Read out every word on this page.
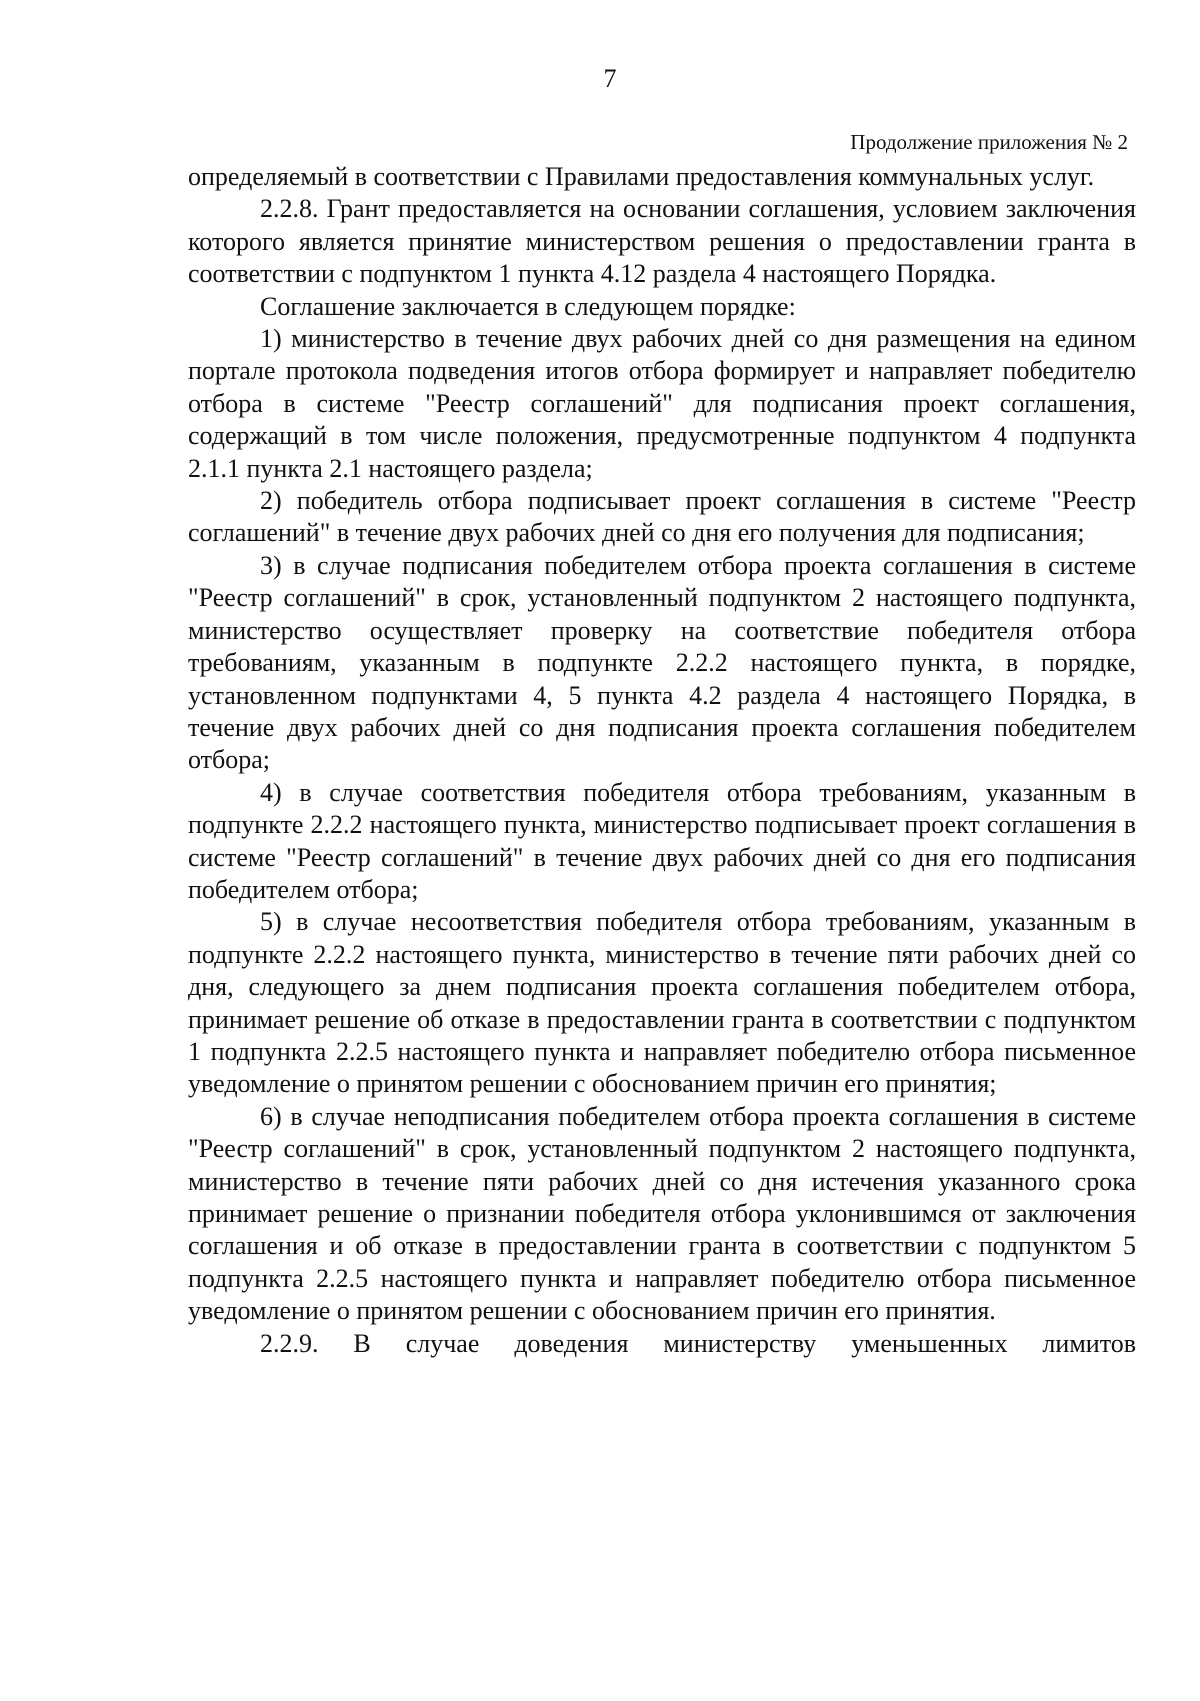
7
Продолжение приложения № 2

определяемый в соответствии с Правилами предоставления коммунальных услуг.

2.2.8. Грант предоставляется на основании соглашения, условием заключения которого является принятие министерством решения о предоставлении гранта в соответствии с подпунктом 1 пункта 4.12 раздела 4 настоящего Порядка.

Соглашение заключается в следующем порядке:

1) министерство в течение двух рабочих дней со дня размещения на едином портале протокола подведения итогов отбора формирует и направляет победителю отбора в системе "Реестр соглашений" для подписания проект соглашения, содержащий в том числе положения, предусмотренные подпунктом 4 подпункта 2.1.1 пункта 2.1 настоящего раздела;

2) победитель отбора подписывает проект соглашения в системе "Реестр соглашений" в течение двух рабочих дней со дня его получения для подписания;

3) в случае подписания победителем отбора проекта соглашения в системе "Реестр соглашений" в срок, установленный подпунктом 2 настоящего подпункта, министерство осуществляет проверку на соответствие победителя отбора требованиям, указанным в подпункте 2.2.2 настоящего пункта, в порядке, установленном подпунктами 4, 5 пункта 4.2 раздела 4 настоящего Порядка, в течение двух рабочих дней со дня подписания проекта соглашения победителем отбора;

4) в случае соответствия победителя отбора требованиям, указанным в подпункте 2.2.2 настоящего пункта, министерство подписывает проект соглашения в системе "Реестр соглашений" в течение двух рабочих дней со дня его подписания победителем отбора;

5) в случае несоответствия победителя отбора требованиям, указанным в подпункте 2.2.2 настоящего пункта, министерство в течение пяти рабочих дней со дня, следующего за днем подписания проекта соглашения победителем отбора, принимает решение об отказе в предоставлении гранта в соответствии с подпунктом 1 подпункта 2.2.5 настоящего пункта и направляет победителю отбора письменное уведомление о принятом решении с обоснованием причин его принятия;

6) в случае неподписания победителем отбора проекта соглашения в системе "Реестр соглашений" в срок, установленный подпунктом 2 настоящего подпункта, министерство в течение пяти рабочих дней со дня истечения указанного срока принимает решение о признании победителя отбора уклонившимся от заключения соглашения и об отказе в предоставлении гранта в соответствии с подпунктом 5 подпункта 2.2.5 настоящего пункта и направляет победителю отбора письменное уведомление о принятом решении с обоснованием причин его принятия.

2.2.9. В случае доведения министерству уменьшенных лимитов
